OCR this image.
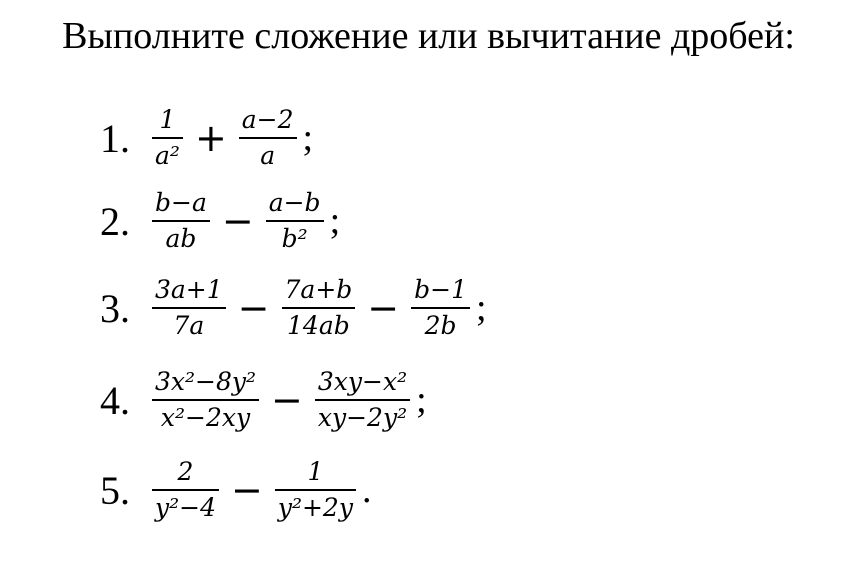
Выполните сложение или вычитание дробей:
1. $\frac{1}{\text{a²}} + \frac{a-2}{a}$ ;
2. $\frac{b-a}{ab} - \frac{a-b}{\text{b²}}$ ;
3. $\frac{3a+1}{7a} - \frac{7a+b}{14ab} - \frac{b-1}{2b}$ ;
4. $\frac{\text{3x²−8y²}}{\text{x²−2xy}} - \frac{\text{3xy−x²}}{\text{xy−2y²}}$ ;
5. $\frac{2}{\text{y²−4}} - \frac{1}{\text{y²+2y}}$ .
